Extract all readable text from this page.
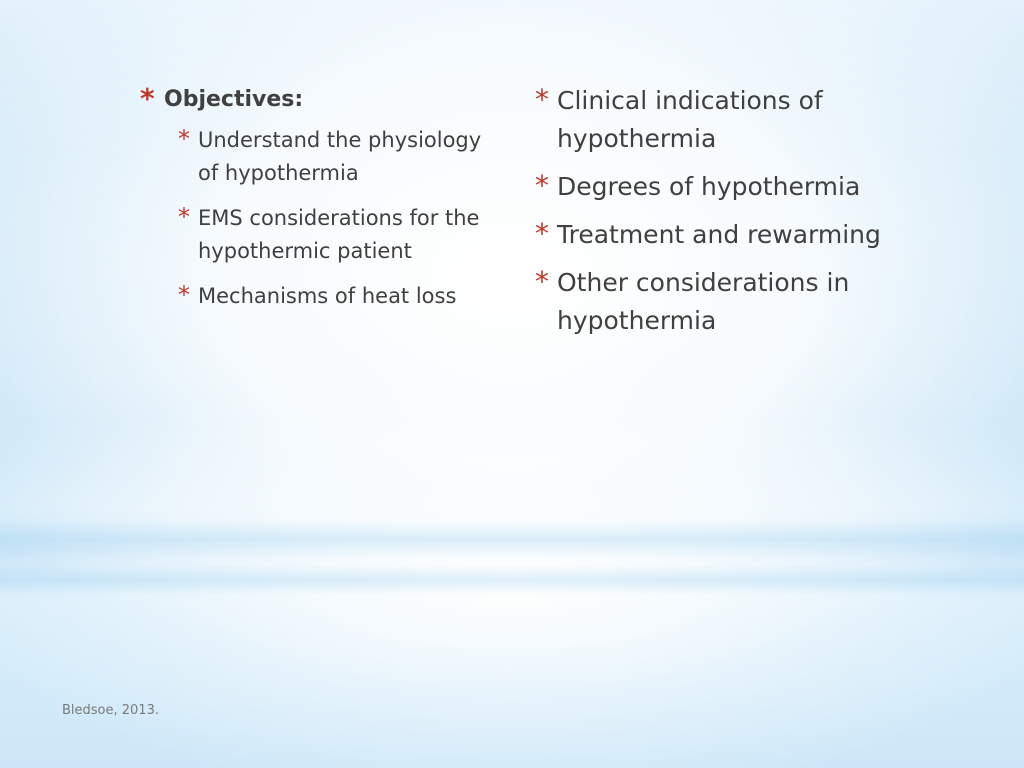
* Objectives:
* Understand the physiology of hypothermia
* EMS considerations for the hypothermic patient
* Mechanisms of heat loss
* Clinical indications of hypothermia
* Degrees of hypothermia
* Treatment and rewarming
* Other considerations in hypothermia
Bledsoe, 2013.
